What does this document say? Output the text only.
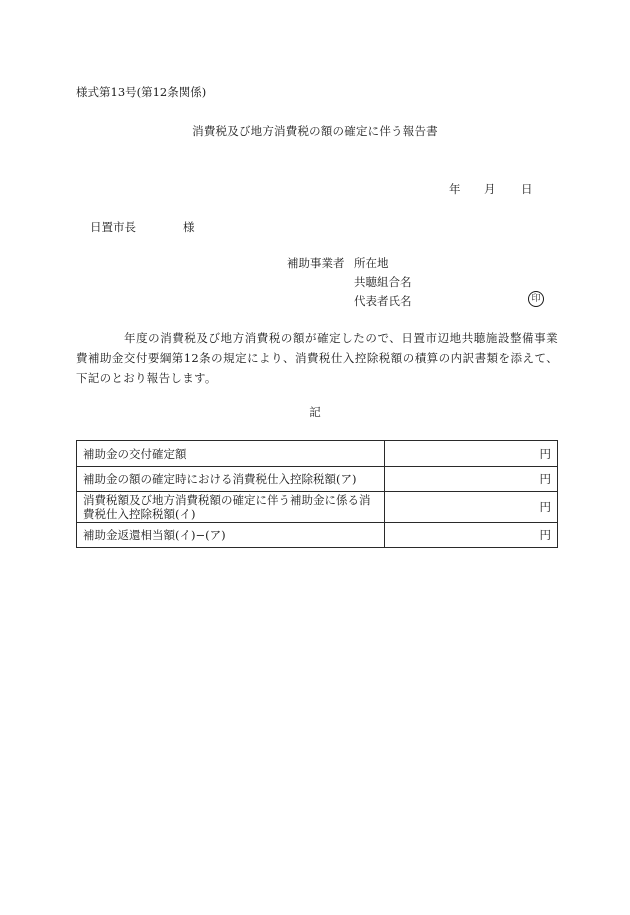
様式第13号(第12条関係)
消費税及び地方消費税の額の確定に伴う報告書
年 月 日
日置市長	様
補助事業者 所在地
共聴組合名
代表者氏名	印
年度の消費税及び地方消費税の額が確定したので、日置市辺地共聴施設整備事業費補助金交付要綱第12条の規定により、消費税仕入控除税額の積算の内訳書類を添えて、下記のとおり報告します。
記
補助金の交付確定額	円
補助金の額の確定時における消費税仕入控除税額(ア)	円
消費税額及び地方消費税額の確定に伴う補助金に係る消費税仕入控除税額(イ)	円
補助金返還相当額(イ)−(ア)	円
